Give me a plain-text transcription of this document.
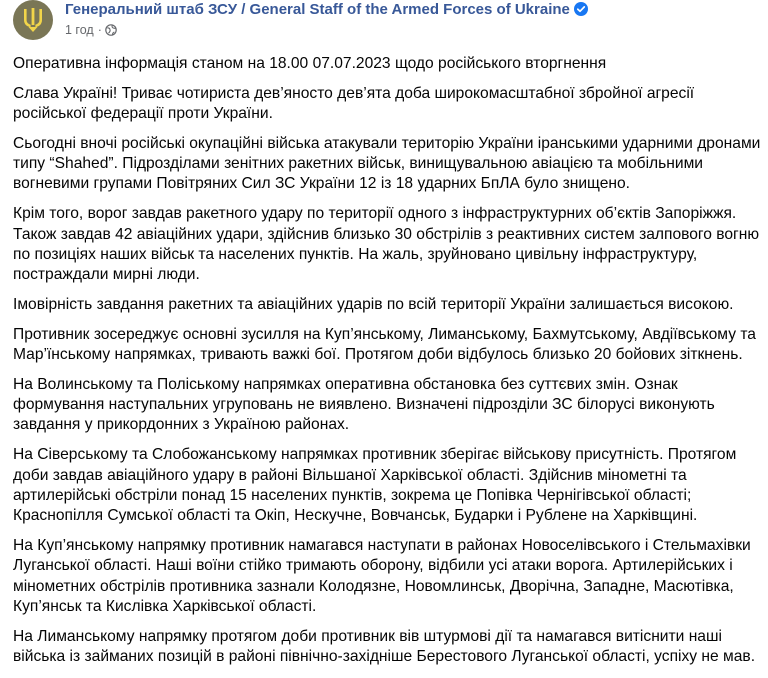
Генеральний штаб ЗСУ / General Staff of the Armed Forces of Ukraine
1 год ·

Оперативна інформація станом на 18.00 07.07.2023 щодо російського вторгнення

Слава Україні! Триває чотириста дев’яносто дев’ята доба широкомасштабної збройної агресії російської федерації проти України.

Сьогодні вночі російські окупаційні війська атакували територію України іранськими ударними дронами типу “Shahed”. Підрозділами зенітних ракетних військ, винищувальною авіацією та мобільними вогневими групами Повітряних Сил ЗС України 12 із 18 ударних БпЛА було знищено.

Крім того, ворог завдав ракетного удару по території одного з інфраструктурних об’єктів Запоріжжя. Також завдав 42 авіаційних удари, здійснив близько 30 обстрілів з реактивних систем залпового вогню по позиціях наших військ та населених пунктів. На жаль, зруйновано цивільну інфраструктуру, постраждали мирні люди.

Імовірність завдання ракетних та авіаційних ударів по всій території України залишається високою.

Противник зосереджує основні зусилля на Куп’янському, Лиманському, Бахмутському, Авдіївському та Мар’їнському напрямках, тривають важкі бої. Протягом доби відбулось близько 20 бойових зіткнень.

На Волинському та Поліському напрямках оперативна обстановка без суттєвих змін. Ознак формування наступальних угруповань не виявлено. Визначені підрозділи ЗС білорусі виконують завдання у прикордонних з Україною районах.

На Сіверському та Слобожанському напрямках противник зберігає військову присутність. Протягом доби завдав авіаційного удару в районі Вільшаної Харківської області. Здійснив мінометні та артилерійські обстріли понад 15 населених пунктів, зокрема це Попівка Чернігівської області; Краснопілля Сумської області та Окіп, Нескучне, Вовчанськ, Бударки і Рублене на Харківщині.

На Куп’янському напрямку противник намагався наступати в районах Новоселівського і Стельмахівки Луганської області. Наші воїни стійко тримають оборону, відбили усі атаки ворога. Артилерійських і мінометних обстрілів противника зазнали Колодязне, Новомлинськ, Дворічна, Западне, Масютівка, Куп’янськ та Кислівка Харківської області.

На Лиманському напрямку протягом доби противник вів штурмові дії та намагався витіснити наші війська із займаних позицій в районі північно-західніше Берестового Луганської області, успіху не мав.
